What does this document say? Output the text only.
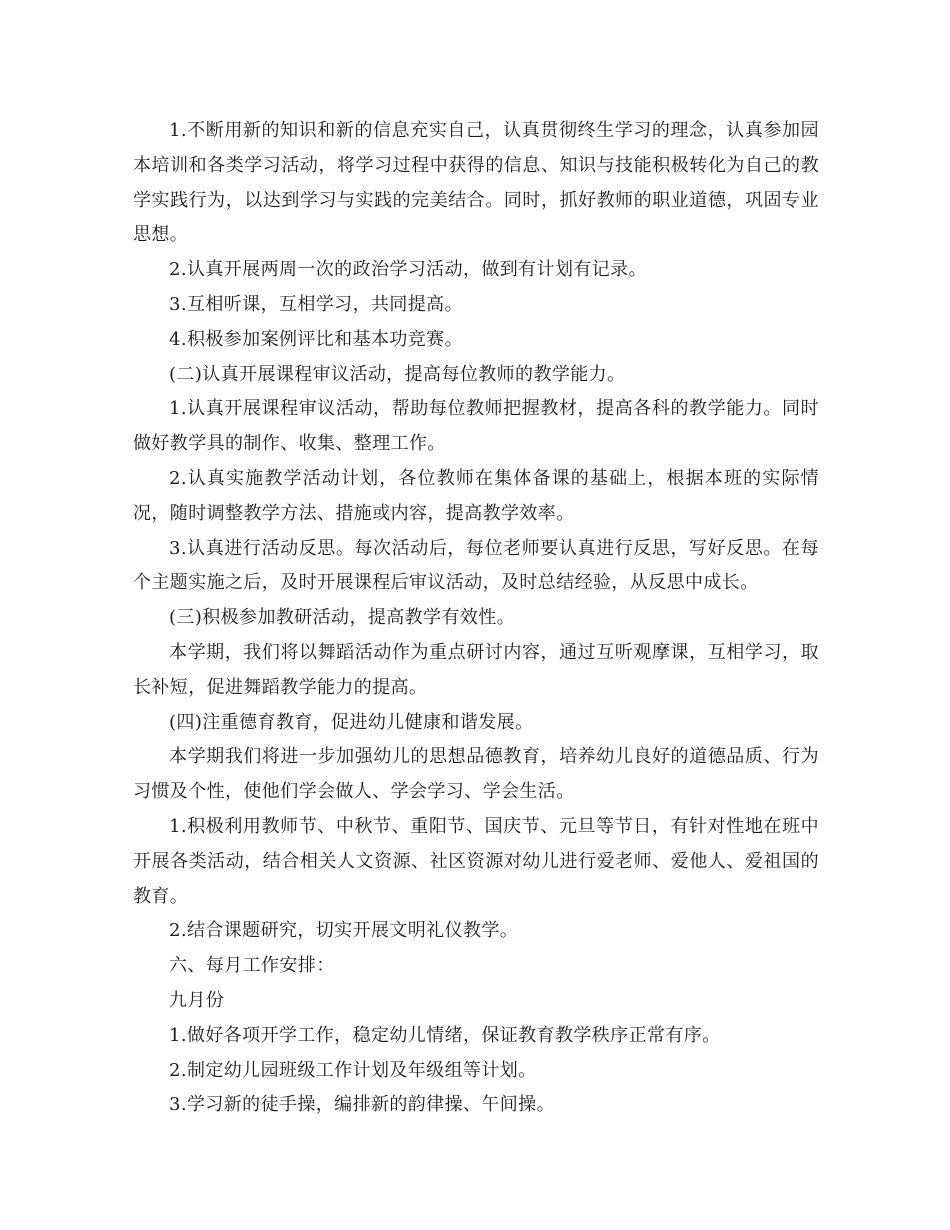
1.不断用新的知识和新的信息充实自己，认真贯彻终生学习的理念，认真参加园本培训和各类学习活动，将学习过程中获得的信息、知识与技能积极转化为自己的教学实践行为，以达到学习与实践的完美结合。同时，抓好教师的职业道德，巩固专业思想。

2.认真开展两周一次的政治学习活动，做到有计划有记录。

3.互相听课，互相学习，共同提高。

4.积极参加案例评比和基本功竞赛。

(二)认真开展课程审议活动，提高每位教师的教学能力。

1.认真开展课程审议活动，帮助每位教师把握教材，提高各科的教学能力。同时做好教学具的制作、收集、整理工作。

2.认真实施教学活动计划，各位教师在集体备课的基础上，根据本班的实际情况，随时调整教学方法、措施或内容，提高教学效率。

3.认真进行活动反思。每次活动后，每位老师要认真进行反思，写好反思。在每个主题实施之后，及时开展课程后审议活动，及时总结经验，从反思中成长。

(三)积极参加教研活动，提高教学有效性。

本学期，我们将以舞蹈活动作为重点研讨内容，通过互听观摩课，互相学习，取长补短，促进舞蹈教学能力的提高。

(四)注重德育教育，促进幼儿健康和谐发展。

本学期我们将进一步加强幼儿的思想品德教育，培养幼儿良好的道德品质、行为习惯及个性，使他们学会做人、学会学习、学会生活。

1.积极利用教师节、中秋节、重阳节、国庆节、元旦等节日，有针对性地在班中开展各类活动，结合相关人文资源、社区资源对幼儿进行爱老师、爱他人、爱祖国的教育。

2.结合课题研究，切实开展文明礼仪教学。

六、每月工作安排：

九月份

1.做好各项开学工作，稳定幼儿情绪，保证教育教学秩序正常有序。

2.制定幼儿园班级工作计划及年级组等计划。

3.学习新的徒手操，编排新的韵律操、午间操。
